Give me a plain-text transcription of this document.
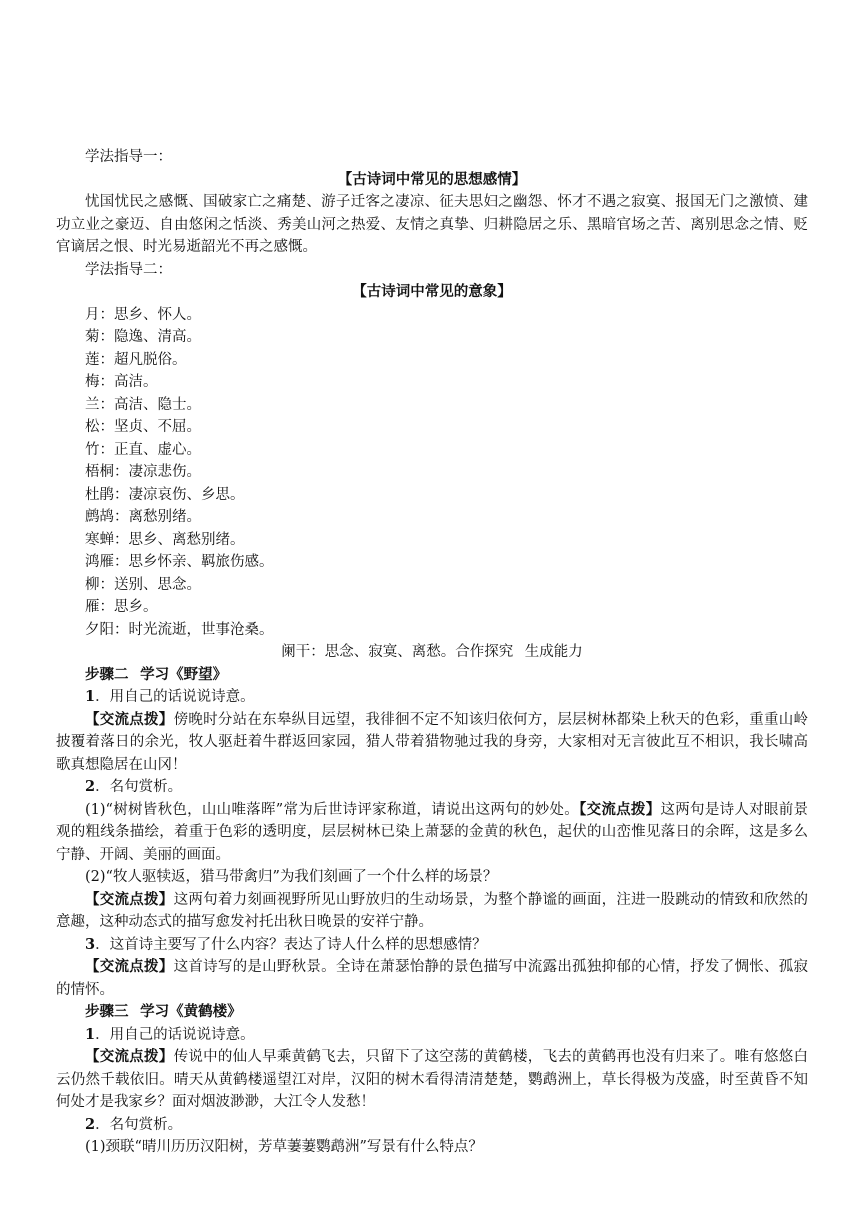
学法指导一：
【古诗词中常见的思想感情】
忧国忧民之感慨、国破家亡之痛楚、游子迁客之凄凉、征夫思妇之幽怨、怀才不遇之寂寞、报国无门之激愤、建功立业之豪迈、自由悠闲之恬淡、秀美山河之热爱、友情之真挚、归耕隐居之乐、黑暗官场之苦、离别思念之情、贬官谪居之恨、时光易逝韶光不再之感慨。
学法指导二：
【古诗词中常见的意象】
月：思乡、怀人。
菊：隐逸、清高。
莲：超凡脱俗。
梅：高洁。
兰：高洁、隐士。
松：坚贞、不屈。
竹：正直、虚心。
梧桐：凄凉悲伤。
杜鹃：凄凉哀伤、乡思。
鹧鸪：离愁别绪。
寒蝉：思乡、离愁别绪。
鸿雁：思乡怀亲、羁旅伤感。
柳：送别、思念。
雁：思乡。
夕阳：时光流逝，世事沧桑。
阑干：思念、寂寞、离愁。合作探究 生成能力
步骤二 学习《野望》
1．用自己的话说说诗意。
【交流点拨】傍晚时分站在东皋纵目远望，我徘徊不定不知该归依何方，层层树林都染上秋天的色彩，重重山岭披覆着落日的余光，牧人驱赶着牛群返回家园，猎人带着猎物驰过我的身旁，大家相对无言彼此互不相识，我长啸高歌真想隐居在山冈！
2．名句赏析。
(1)“树树皆秋色，山山唯落晖”常为后世诗评家称道，请说出这两句的妙处。【交流点拨】这两句是诗人对眼前景观的粗线条描绘，着重于色彩的透明度，层层树林已染上萧瑟的金黄的秋色，起伏的山峦惟见落日的余晖，这是多么宁静、开阔、美丽的画面。
(2)“牧人驱犊返，猎马带禽归”为我们刻画了一个什么样的场景？
【交流点拨】这两句着力刻画视野所见山野放归的生动场景，为整个静谧的画面，注进一股跳动的情致和欣然的意趣，这种动态式的描写愈发衬托出秋日晚景的安祥宁静。
3．这首诗主要写了什么内容？表达了诗人什么样的思想感情？
【交流点拨】这首诗写的是山野秋景。全诗在萧瑟怡静的景色描写中流露出孤独抑郁的心情，抒发了惆怅、孤寂的情怀。
步骤三 学习《黄鹤楼》
1．用自己的话说说诗意。
【交流点拨】传说中的仙人早乘黄鹤飞去，只留下了这空荡的黄鹤楼，飞去的黄鹤再也没有归来了。唯有悠悠白云仍然千载依旧。晴天从黄鹤楼遥望江对岸，汉阳的树木看得清清楚楚，鹦鹉洲上，草长得极为茂盛，时至黄昏不知何处才是我家乡？面对烟波渺渺，大江令人发愁！
2．名句赏析。
(1)颈联“晴川历历汉阳树，芳草萋萋鹦鹉洲”写景有什么特点？
